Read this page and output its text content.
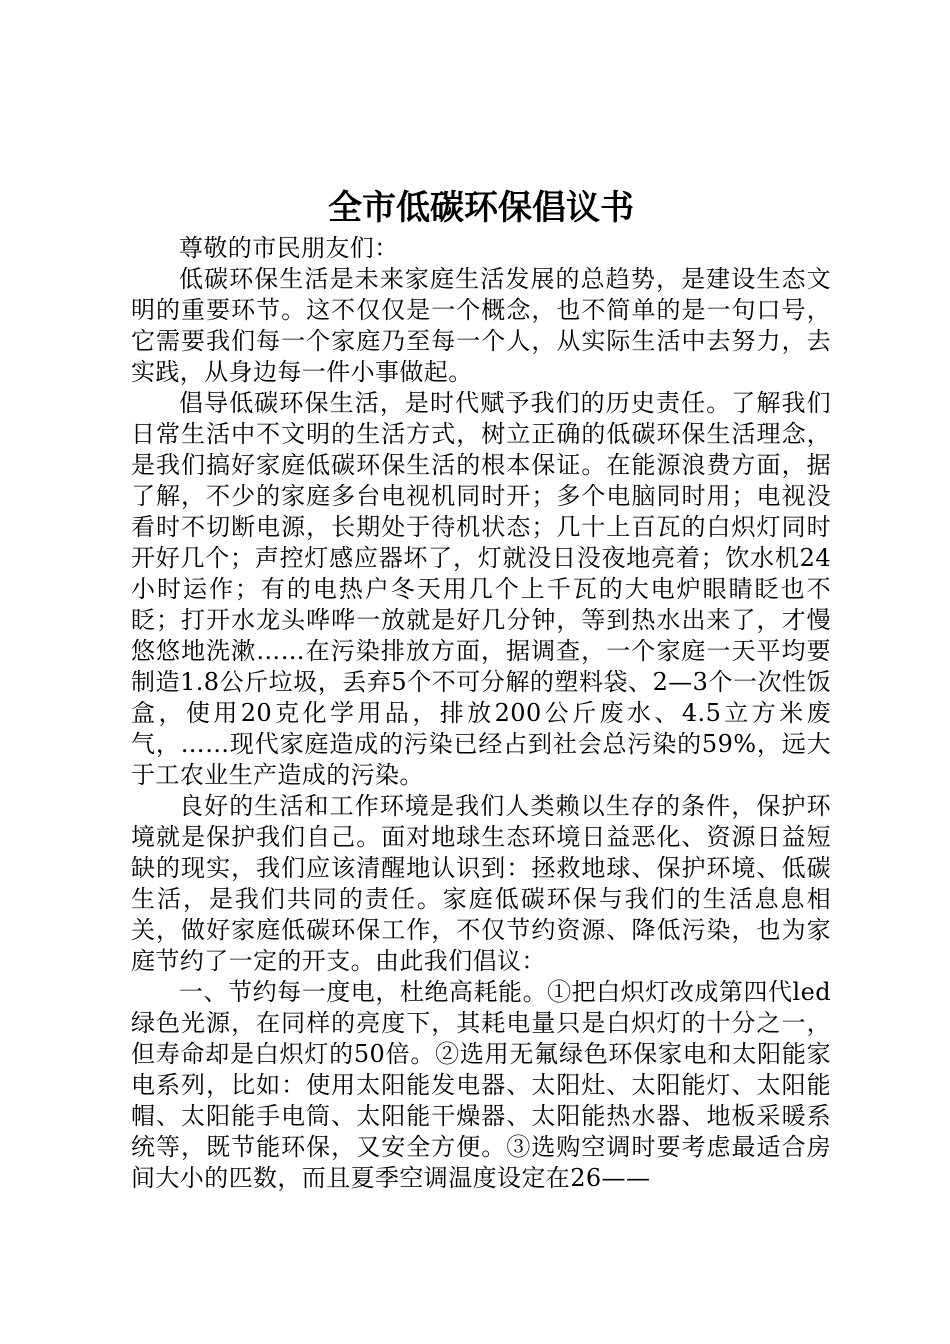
全市低碳环保倡议书

尊敬的市民朋友们：

低碳环保生活是未来家庭生活发展的总趋势，是建设生态文明的重要环节。这不仅仅是一个概念，也不简单的是一句口号，它需要我们每一个家庭乃至每一个人，从实际生活中去努力，去实践，从身边每一件小事做起。

倡导低碳环保生活，是时代赋予我们的历史责任。了解我们日常生活中不文明的生活方式，树立正确的低碳环保生活理念，是我们搞好家庭低碳环保生活的根本保证。在能源浪费方面，据了解，不少的家庭多台电视机同时开；多个电脑同时用；电视没看时不切断电源，长期处于待机状态；几十上百瓦的白炽灯同时开好几个；声控灯感应器坏了，灯就没日没夜地亮着；饮水机24小时运作；有的电热户冬天用几个上千瓦的大电炉眼睛眨也不眨；打开水龙头哗哗一放就是好几分钟，等到热水出来了，才慢悠悠地洗漱……在污染排放方面，据调查，一个家庭一天平均要制造1.8公斤垃圾，丢弃5个不可分解的塑料袋、2—3个一次性饭盒，使用20克化学用品，排放200公斤废水、4.5立方米废气，……现代家庭造成的污染已经占到社会总污染的59%，远大于工农业生产造成的污染。

良好的生活和工作环境是我们人类赖以生存的条件，保护环境就是保护我们自己。面对地球生态环境日益恶化、资源日益短缺的现实，我们应该清醒地认识到：拯救地球、保护环境、低碳生活，是我们共同的责任。家庭低碳环保与我们的生活息息相关，做好家庭低碳环保工作，不仅节约资源、降低污染，也为家庭节约了一定的开支。由此我们倡议：

一、节约每一度电，杜绝高耗能。①把白炽灯改成第四代led绿色光源，在同样的亮度下，其耗电量只是白炽灯的十分之一，但寿命却是白炽灯的50倍。②选用无氟绿色环保家电和太阳能家电系列，比如：使用太阳能发电器、太阳灶、太阳能灯、太阳能帽、太阳能手电筒、太阳能干燥器、太阳能热水器、地板采暖系统等，既节能环保，又安全方便。③选购空调时要考虑最适合房间大小的匹数，而且夏季空调温度设定在26——
